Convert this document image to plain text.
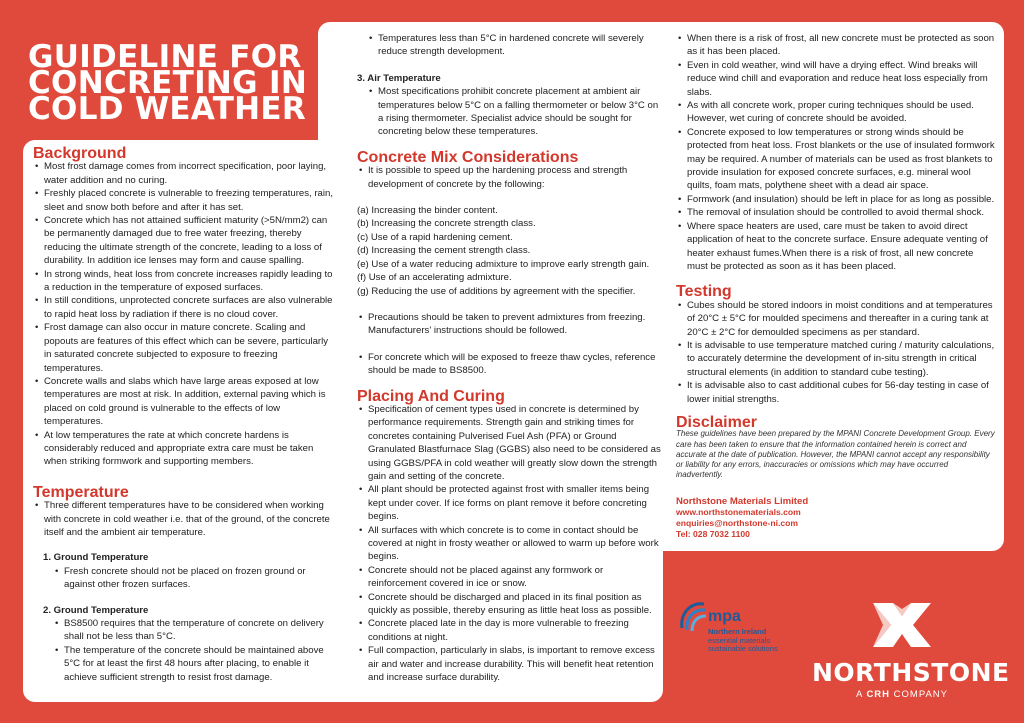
GUIDELINE FOR
CONCRETING IN
COLD WEATHER
Background
• Most frost damage comes from incorrect specification, poor laying, water addition and no curing.
• Freshly placed concrete is vulnerable to freezing temperatures, rain, sleet and snow both before and after it has set.
• Concrete which has not attained sufficient maturity (>5N/mm2) can be permanently damaged due to free water freezing, thereby reducing the ultimate strength of the concrete, leading to a loss of durability. In addition ice lenses may form and cause spalling.
• In strong winds, heat loss from concrete increases rapidly leading to a reduction in the temperature of exposed surfaces.
• In still conditions, unprotected concrete surfaces are also vulnerable to rapid heat loss by radiation if there is no cloud cover.
• Frost damage can also occur in mature concrete. Scaling and popouts are features of this effect which can be severe, particularly in saturated concrete subjected to exposure to freezing temperatures.
• Concrete walls and slabs which have large areas exposed at low temperatures are most at risk. In addition, external paving which is placed on cold ground is vulnerable to the effects of low temperatures.
• At low temperatures the rate at which concrete hardens is considerably reduced and appropriate extra care must be taken when striking formwork and supporting members.
Temperature
• Three different temperatures have to be considered when working with concrete in cold weather i.e. that of the ground, of the concrete itself and the ambient air temperature.

1. Ground Temperature

• Fresh concrete should not be placed on frozen ground or against other frozen surfaces.

2. Ground Temperature

• BS8500 requires that the temperature of concrete on delivery shall not be less than 5°C.
• The temperature of the concrete should be maintained above 5°C for at least the first 48 hours after placing, to enable it achieve sufficient strength to resist frost damage.
• Temperatures less than 5°C in hardened concrete will severely reduce strength development.

3. Air Temperature

• Most specifications prohibit concrete placement at ambient air temperatures below 5°C on a falling thermometer or below 3°C on a rising thermometer. Specialist advice should be sought for concreting below these temperatures.
Concrete Mix Considerations
• It is possible to speed up the hardening process and strength development of concrete by the following:

(a) Increasing the binder content.

(b) Increasing the concrete strength class.

(c) Use of a rapid hardening cement.

(d) Increasing the cement strength class.

(e) Use of a water reducing admixture to improve early strength gain.

(f) Use of an accelerating admixture.

(g) Reducing the use of additions by agreement with the specifier.

• Precautions should be taken to prevent admixtures from freezing. Manufacturers' instructions should be followed.
• For concrete which will be exposed to freeze thaw cycles, reference should be made to BS8500.
Placing And Curing
• Specification of cement types used in concrete is determined by performance requirements. Strength gain and striking times for concretes containing Pulverised Fuel Ash (PFA) or Ground Granulated Blastfurnace Slag (GGBS) also need to be considered as using GGBS/PFA in cold weather will greatly slow down the strength gain and setting of the concrete.
• All plant should be protected against frost with smaller items being kept under cover. If ice forms on plant remove it before concreting begins.
• All surfaces with which concrete is to come in contact should be covered at night in frosty weather or allowed to warm up before work begins.
• Concrete should not be placed against any formwork or reinforcement covered in ice or snow.
• Concrete should be discharged and placed in its final position as quickly as possible, thereby ensuring as little heat loss as possible.
• Concrete placed late in the day is more vulnerable to freezing conditions at night.
• Full compaction, particularly in slabs, is important to remove excess air and water and increase durability. This will benefit heat retention and increase surface durability.
• When there is a risk of frost, all new concrete must be protected as soon as it has been placed.
• Even in cold weather, wind will have a drying effect. Wind breaks will reduce wind chill and evaporation and reduce heat loss especially from slabs.
• As with all concrete work, proper curing techniques should be used. However, wet curing of concrete should be avoided.
• Concrete exposed to low temperatures or strong winds should be protected from heat loss. Frost blankets or the use of insulated formwork may be required. A number of materials can be used as frost blankets to provide insulation for exposed concrete surfaces, e.g. mineral wool quilts, foam mats, polythene sheet with a dead air space.
• Formwork (and insulation) should be left in place for as long as possible.
• The removal of insulation should be controlled to avoid thermal shock.
• Where space heaters are used, care must be taken to avoid direct application of heat to the concrete surface. Ensure adequate venting of heater exhaust fumes.When there is a risk of frost, all new concrete must be protected as soon as it has been placed.
Testing
• Cubes should be stored indoors in moist conditions and at temperatures of 20°C ± 5°C for moulded specimens and thereafter in a curing tank at 20°C ± 2°C for demoulded specimens as per standard.
• It is advisable to use temperature matched curing / maturity calculations, to accurately determine the development of in-situ strength in critical structural elements (in addition to standard cube testing).
• It is advisable also to cast additional cubes for 56-day testing in case of lower initial strengths.
Disclaimer

These guidelines have been prepared by the MPANI Concrete Development Group. Every care has been taken to ensure that the information contained herein is correct and accurate at the date of publication. However, the MPANI cannot accept any responsibility or liability for any errors, inaccuracies or omissions which may have occurred inadvertently.

Northstone Materials Limited
www.northstonematerials.com
enquiries@northstone-ni.com
Tel: 028 7032 1100
mpa
Northern Ireland
essential materials
sustainable solutions
NORTHSTONE
A CRH COMPANY
